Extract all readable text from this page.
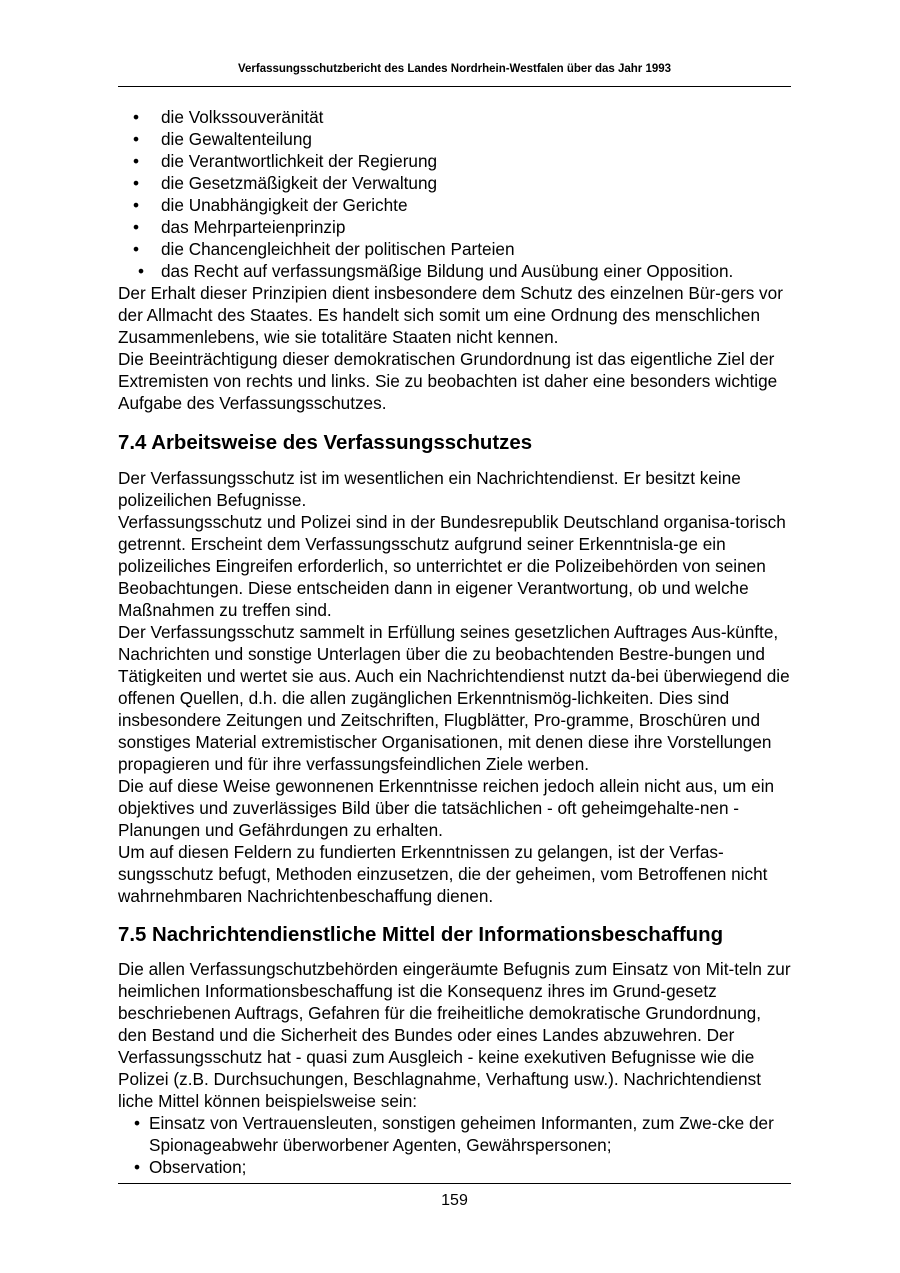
Verfassungsschutzbericht des Landes Nordrhein-Westfalen über das Jahr 1993
• die Volkssouveränität
• die Gewaltenteilung
• die Verantwortlichkeit der Regierung
• die Gesetzmäßigkeit der Verwaltung
• die Unabhängigkeit der Gerichte
• das Mehrparteienprinzip
• die Chancengleichheit der politischen Parteien
• das Recht auf verfassungsmäßige Bildung und Ausübung einer Opposition.

Der Erhalt dieser Prinzipien dient insbesondere dem Schutz des einzelnen Bür-gers vor der Allmacht des Staates. Es handelt sich somit um eine Ordnung des menschlichen Zusammenlebens, wie sie totalitäre Staaten nicht kennen.

Die Beeinträchtigung dieser demokratischen Grundordnung ist das eigentliche Ziel der Extremisten von rechts und links. Sie zu beobachten ist daher eine besonders wichtige Aufgabe des Verfassungsschutzes.

7.4 Arbeitsweise des Verfassungsschutzes

Der Verfassungsschutz ist im wesentlichen ein Nachrichtendienst. Er besitzt keine polizeilichen Befugnisse.

Verfassungsschutz und Polizei sind in der Bundesrepublik Deutschland organisa-torisch getrennt. Erscheint dem Verfassungsschutz aufgrund seiner Erkenntnisla-ge ein polizeiliches Eingreifen erforderlich, so unterrichtet er die Polizeibehörden von seinen Beobachtungen. Diese entscheiden dann in eigener Verantwortung, ob und welche Maßnahmen zu treffen sind.

Der Verfassungsschutz sammelt in Erfüllung seines gesetzlichen Auftrages Aus-künfte, Nachrichten und sonstige Unterlagen über die zu beobachtenden Bestre-bungen und Tätigkeiten und wertet sie aus. Auch ein Nachrichtendienst nutzt da-bei überwiegend die offenen Quellen, d.h. die allen zugänglichen Erkenntnismög-lichkeiten. Dies sind insbesondere Zeitungen und Zeitschriften, Flugblätter, Pro-gramme, Broschüren und sonstiges Material extremistischer Organisationen, mit denen diese ihre Vorstellungen propagieren und für ihre verfassungsfeindlichen Ziele werben.

Die auf diese Weise gewonnenen Erkenntnisse reichen jedoch allein nicht aus, um ein objektives und zuverlässiges Bild über die tatsächlichen - oft geheimgehalte-nen - Planungen und Gefährdungen zu erhalten.

Um auf diesen Feldern zu fundierten Erkenntnissen zu gelangen, ist der Verfas-sungsschutz befugt, Methoden einzusetzen, die der geheimen, vom Betroffenen nicht wahrnehmbaren Nachrichtenbeschaffung dienen.

7.5 Nachrichtendienstliche Mittel der Informationsbeschaffung

Die allen Verfassungschutzbehörden eingeräumte Befugnis zum Einsatz von Mit-teln zur heimlichen Informationsbeschaffung ist die Konsequenz ihres im Grund-gesetz beschriebenen Auftrags, Gefahren für die freiheitliche demokratische Grundordnung, den Bestand und die Sicherheit des Bundes oder eines Landes abzuwehren. Der Verfassungsschutz hat - quasi zum Ausgleich - keine exekutiven Befugnisse wie die Polizei (z.B. Durchsuchungen, Beschlagnahme, Verhaftung usw.). Nachrichtendienst liche Mittel können beispielsweise sein:

• Einsatz von Vertrauensleuten, sonstigen geheimen Informanten, zum Zwe-cke der Spionageabwehr überworbener Agenten, Gewährspersonen;
• Observation;
159
